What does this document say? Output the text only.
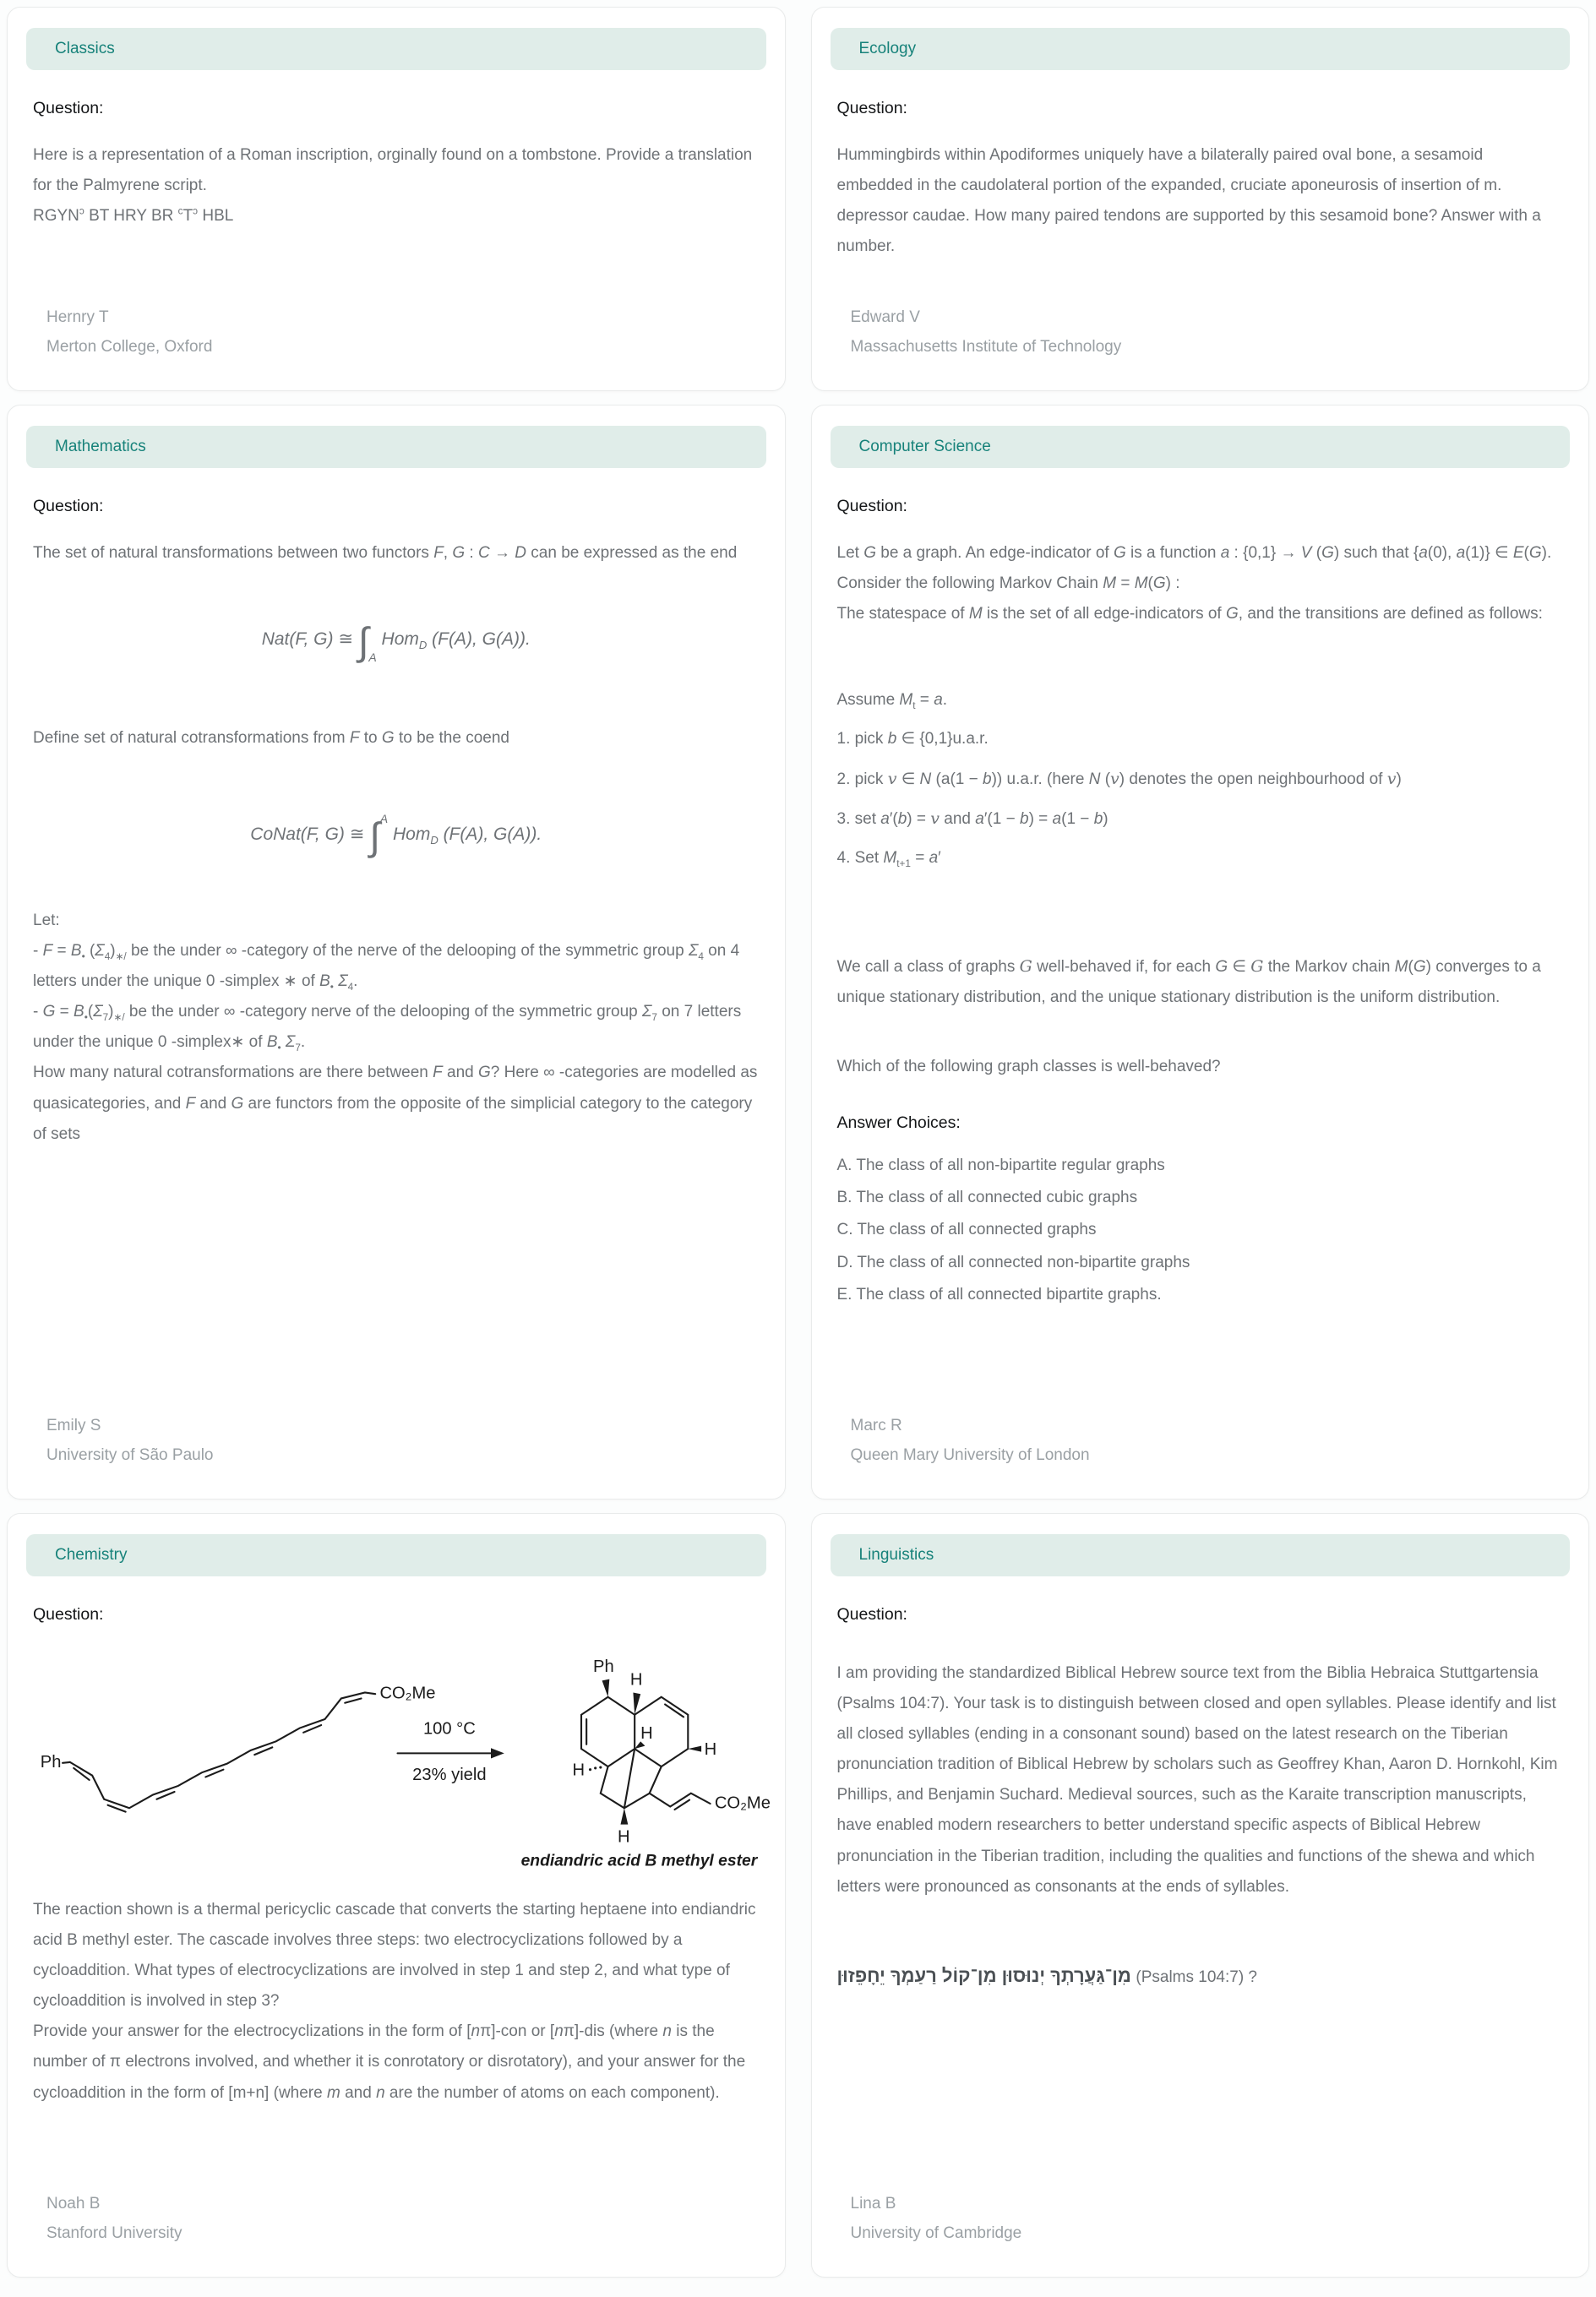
Classics
Question:

Here is a representation of a Roman inscription, orginally found on a tombstone. Provide a translation for the Palmyrene script.

$RGYN^ɔ$ BT HRY BR $^cT^ɔ$ HBL

Hernry T
Merton College, Oxford
Ecology
Question:

Hummingbirds within Apodiformes uniquely have a bilaterally paired oval bone, a sesamoid embedded in the caudolateral portion of the expanded, cruciate aponeurosis of insertion of m. depressor caudae. How many paired tendons are supported by this sesamoid bone? Answer with a number.

Edward V
Massachusetts Institute of Technology
Mathematics
Question:

The set of natural transformations between two functors F, G : C → D can be expressed as the end

Nat(F, G) ≅ $\int_A$ Hom$_D$ (F(A), G(A)).

Define set of natural cotransformations from F to G to be the coend

CoNat(F, G) ≅ ∫$^A$ Hom$_D$ (F(A), G(A)).

Let:

- $F = B_•$ $(\Sigma_4)_{∗/}$ be the under ∞ -category of the nerve of the delooping of the symmetric group $\Sigma_4$ on 4 letters under the unique 0 -simplex ∗ of $B_•$ $\Sigma_4$.

- $G = B_•(\Sigma_7)_{∗/}$ be the under ∞ -category nerve of the delooping of the symmetric group $\Sigma_7$ on 7 letters under the unique 0 -simplex∗ of $B_•$ $\Sigma_7$.

How many natural cotransformations are there between F and G? Here ∞ -categories are modelled as quasicategories, and F and G are functors from the opposite of the simplicial category to the category of sets

Emily S
University of São Paulo
Computer Science
Question:

Let G be a graph. An edge-indicator of G is a function a : {0,1} → V (G) such that {a(0), a(1)} ∈ E(G).

Consider the following Markov Chain M = M(G) :

The statespace of M is the set of all edge-indicators of G, and the transitions are defined as follows:

Assume $M_t = a$.

1. pick b ∈ {0,1}u.a.r.
2. pick v ∈ N (a(1 − b)) u.a.r. (here N (v) denotes the open neighbourhood of v)
3. set a′(b) = v and a′(1 − b) = a(1 − b)
4. Set $M_{t+1} = a'$

We call a class of graphs G well-behaved if, for each G ∈ G the Markov chain M(G) converges to a unique stationary distribution, and the unique stationary distribution is the uniform distribution.

Which of the following graph classes is well-behaved?

Answer Choices:
A. The class of all non-bipartite regular graphs
B. The class of all connected cubic graphs
C. The class of all connected graphs
D. The class of all connected non-bipartite graphs
E. The class of all connected bipartite graphs.
Marc R
Queen Mary University of London
Chemistry
Question:
Ph
CO₂Me
100 °C
23% yield
Ph
H
H
H
H
H
CO₂Me
endiandric acid B methyl ester

The reaction shown is a thermal pericyclic cascade that converts the starting heptaene into endiandric acid B methyl ester. The cascade involves three steps: two electrocyclizations followed by a cycloaddition. What types of electrocyclizations are involved in step 1 and step 2, and what type of cycloaddition is involved in step 3?

Provide your answer for the electrocyclizations in the form of [nπ]-con or [nπ]-dis (where n is the number of π electrons involved, and whether it is conrotatory or disrotatory), and your answer for the cycloaddition in the form of [m+n] (where m and n are the number of atoms on each component).

Noah B
Stanford University
Linguistics
Question:

I am providing the standardized Biblical Hebrew source text from the Biblia Hebraica Stuttgartensia (Psalms 104:7). Your task is to distinguish between closed and open syllables. Please identify and list all closed syllables (ending in a consonant sound) based on the latest research on the Tiberian pronunciation tradition of Biblical Hebrew by scholars such as Geoffrey Khan, Aaron D. Hornkohl, Kim Phillips, and Benjamin Suchard. Medieval sources, such as the Karaite transcription manuscripts, have enabled modern researchers to better understand specific aspects of Biblical Hebrew pronunciation in the Tiberian tradition, including the qualities and functions of the shewa and which letters were pronounced as consonants at the ends of syllables.

מִן־גַּעֲרָתְךָ יְנוּסוּן מִן־קוֹל רַעַמְךָ יֵחָפֵזוּן (Psalms 104:7) ?
Lina B
University of Cambridge
